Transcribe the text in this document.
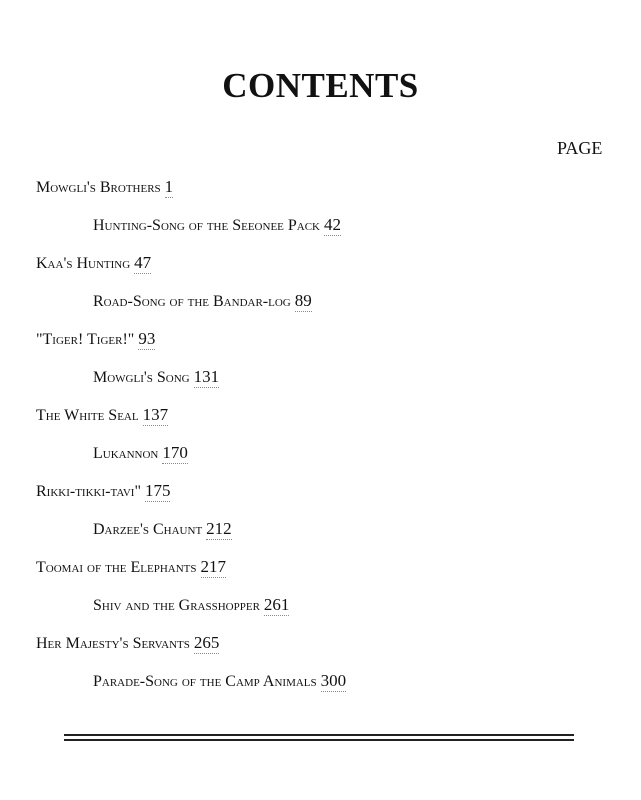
CONTENTS
PAGE
Mowgli's Brothers 1
Hunting-Song of the Seeonee Pack 42
Kaa's Hunting 47
Road-Song of the Bandar-log 89
"Tiger! Tiger!" 93
Mowgli's Song 131
The White Seal 137
Lukannon 170
Rikki-tikki-tavi" 175
Darzee's Chaunt 212
Toomai of the Elephants 217
Shiv and the Grasshopper 261
Her Majesty's Servants 265
Parade-Song of the Camp Animals 300
